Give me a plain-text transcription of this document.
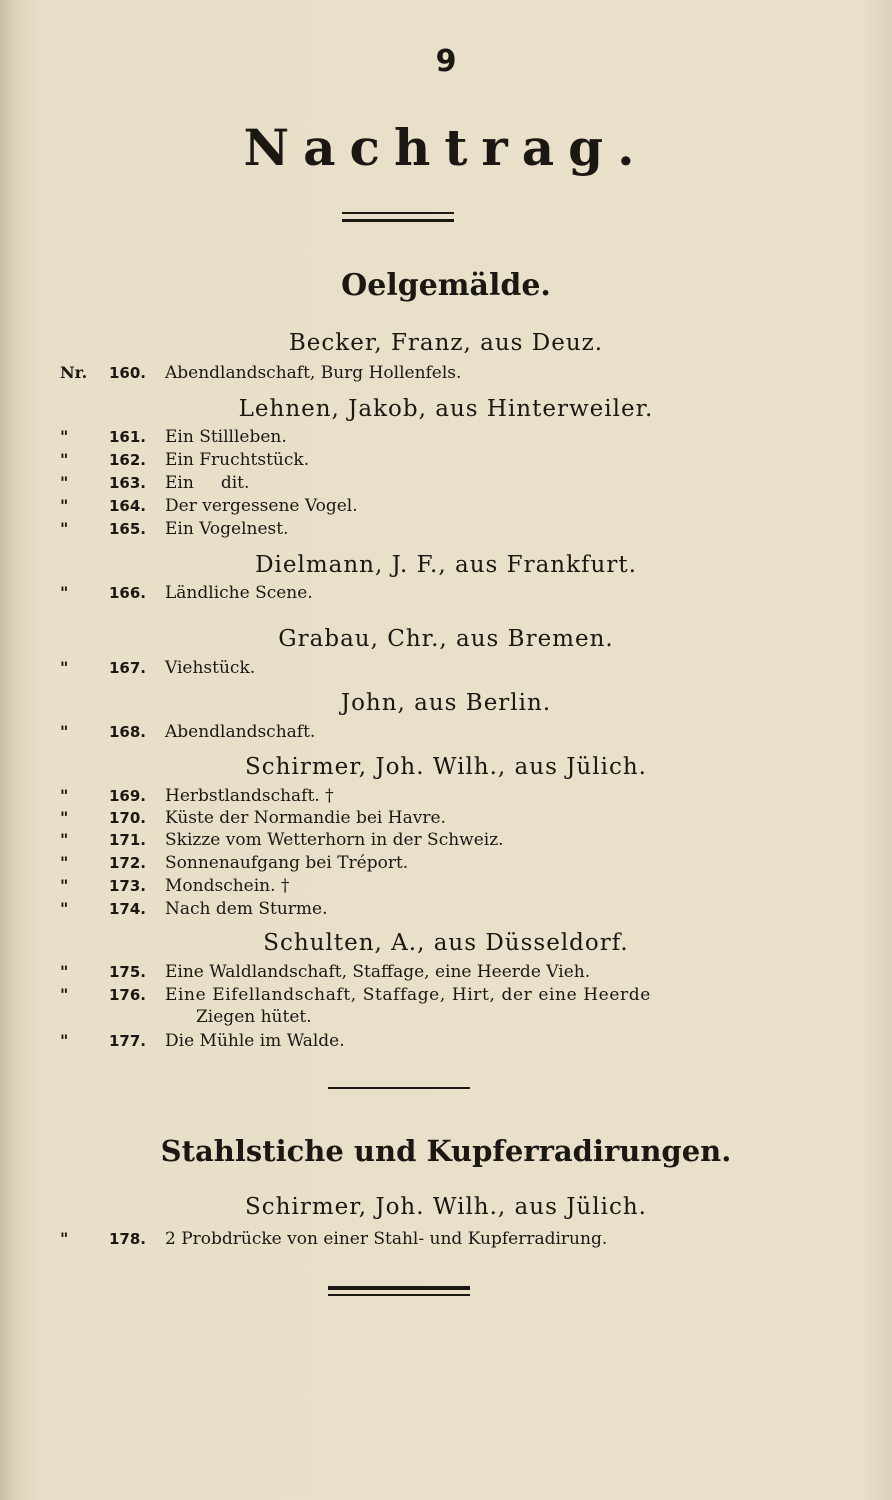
9
Nachtrag.
Oelgemälde.
Becker, Franz, aus Deuz.
Nr. 160. Abendlandschaft, Burg Hollenfels.
Lehnen, Jakob, aus Hinterweiler.
"	161. Ein Stillleben.
"	162. Ein Fruchtstück.
"	163. Ein     dit.
"	164. Der vergessene Vogel.
"	165. Ein Vogelnest.
Dielmann, J. F., aus Frankfurt.
"	166. Ländliche Scene.
Grabau, Chr., aus Bremen.
"	167. Viehstück.
John, aus Berlin.
"	168. Abendlandschaft.
Schirmer, Joh. Wilh., aus Jülich.
"	169. Herbstlandschaft. †
"	170. Küste der Normandie bei Havre.
"	171. Skizze vom Wetterhorn in der Schweiz.
"	172. Sonnenaufgang bei Tréport.
"	173. Mondschein. †
"	174. Nach dem Sturme.
Schulten, A., aus Düsseldorf.
"	175. Eine Waldlandschaft, Staffage, eine Heerde Vieh.
"	176. Eine Eifellandschaft, Staffage, Hirt, der eine Heerde
Ziegen hütet.
"	177. Die Mühle im Walde.
Stahlstiche und Kupferradirungen.
Schirmer, Joh. Wilh., aus Jülich.
"	178. 2 Probdrücke von einer Stahl- und Kupferradirung.
